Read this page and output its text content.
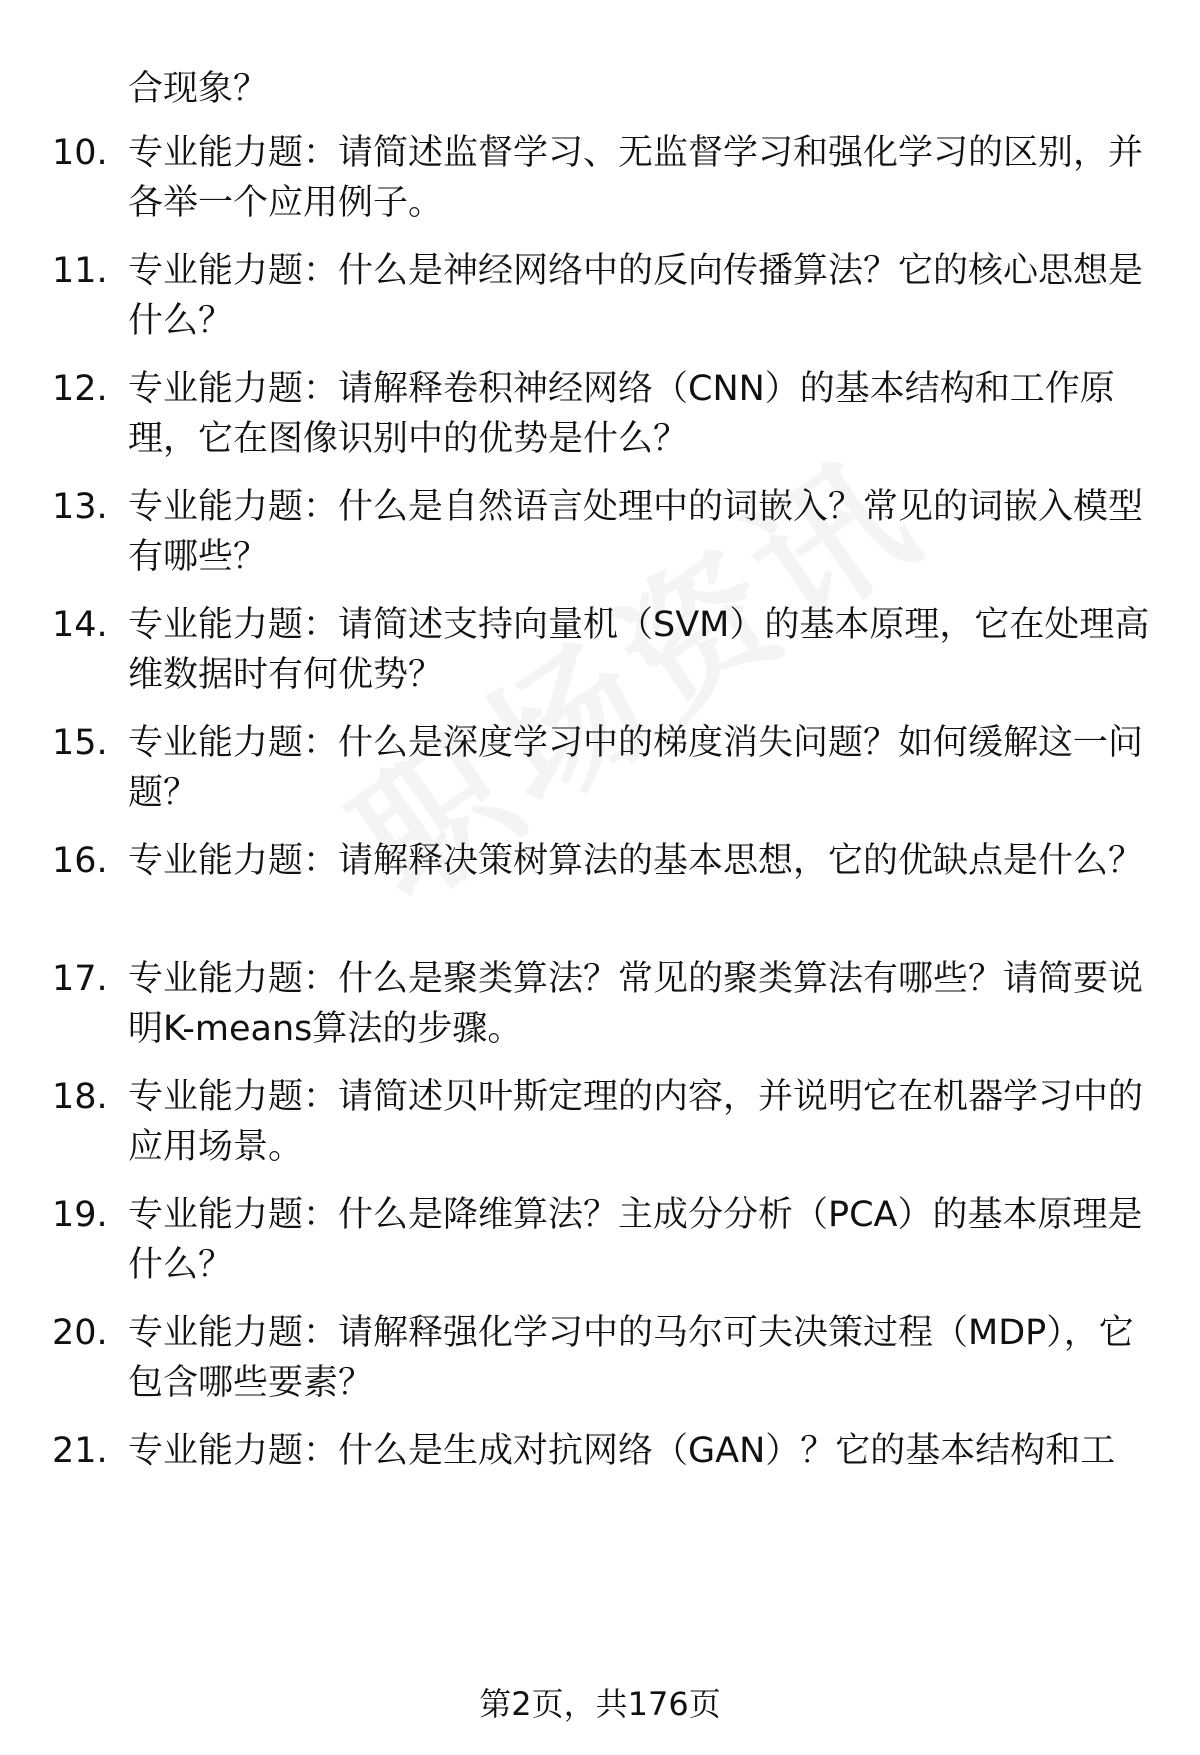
合现象？
10. 专业能力题：请简述监督学习、无监督学习和强化学习的区别，并各举一个应用例子。
11. 专业能力题：什么是神经网络中的反向传播算法？它的核心思想是什么？
12. 专业能力题：请解释卷积神经网络（CNN）的基本结构和工作原理，它在图像识别中的优势是什么？
13. 专业能力题：什么是自然语言处理中的词嵌入？常见的词嵌入模型有哪些？
14. 专业能力题：请简述支持向量机（SVM）的基本原理，它在处理高维数据时有何优势？
15. 专业能力题：什么是深度学习中的梯度消失问题？如何缓解这一问题？
16. 专业能力题：请解释决策树算法的基本思想，它的优缺点是什么？
17. 专业能力题：什么是聚类算法？常见的聚类算法有哪些？请简要说明K-means算法的步骤。
18. 专业能力题：请简述贝叶斯定理的内容，并说明它在机器学习中的应用场景。
19. 专业能力题：什么是降维算法？主成分分析（PCA）的基本原理是什么？
20. 专业能力题：请解释强化学习中的马尔可夫决策过程（MDP），它包含哪些要素？
21. 专业能力题：什么是生成对抗网络（GAN）？它的基本结构和工
第2页，共176页
